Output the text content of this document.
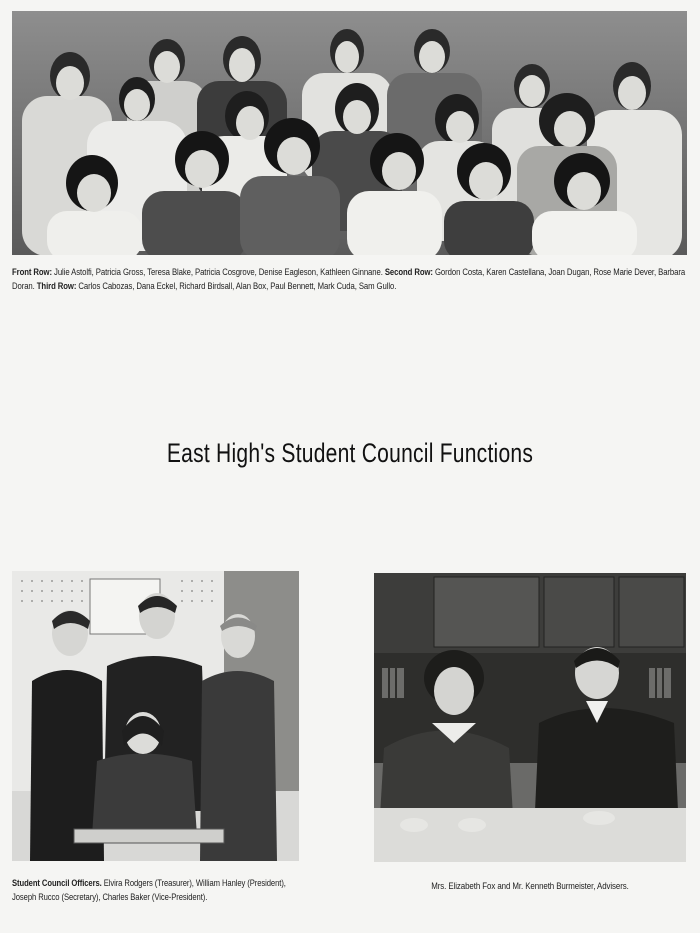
Front Row: Julie Astolfi, Patricia Gross, Teresa Blake, Patricia Cosgrove, Denise Eagleson, Kathleen Ginnane. Second Row: Gordon Costa, Karen Castellana, Joan Dugan, Rose Marie Dever, Barbara Doran. Third Row: Carlos Cabozas, Dana Eckel, Richard Birdsall, Alan Box, Paul Bennett, Mark Cuda, Sam Gullo.
East High's Student Council Functions
Student Council Officers. Elvira Rodgers (Treasurer), William Hanley (President), Joseph Rucco (Secretary), Charles Baker (Vice-President).
Mrs. Elizabeth Fox and Mr. Kenneth Burmeister, Advisers.
